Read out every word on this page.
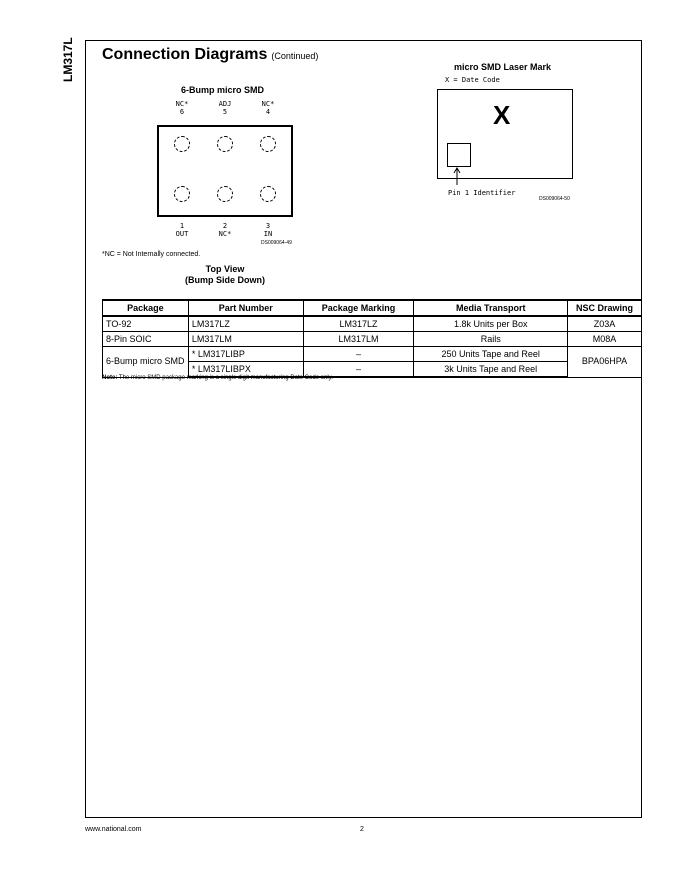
LM317L Connection Diagrams (Continued)
6-Bump micro SMD
NC*
6
ADJ
5
NC*
4
1
OUT
2
NC*
3
IN
DS009064-49
*NC = Not Internally connected.
Top View
(Bump Side Down)
micro SMD Laser Mark
X = Date Code
X
Pin 1 Identifier
DS009064-50
Package	Part Number	Package Marking	Media Transport	NSC Drawing
TO-92	LM317LZ	LM317LZ	1.8k Units per Box	Z03A
8-Pin SOIC	LM317LM	LM317LM	Rails	M08A
6-Bump micro SMD	* LM317LIBP	–	250 Units Tape and Reel	BPA06HPA
	* LM317LIBPX	–	3k Units Tape and Reel	
Note: The micro SMD package marking is a single digit manufacturing Date Code only.
www.national.com	2
